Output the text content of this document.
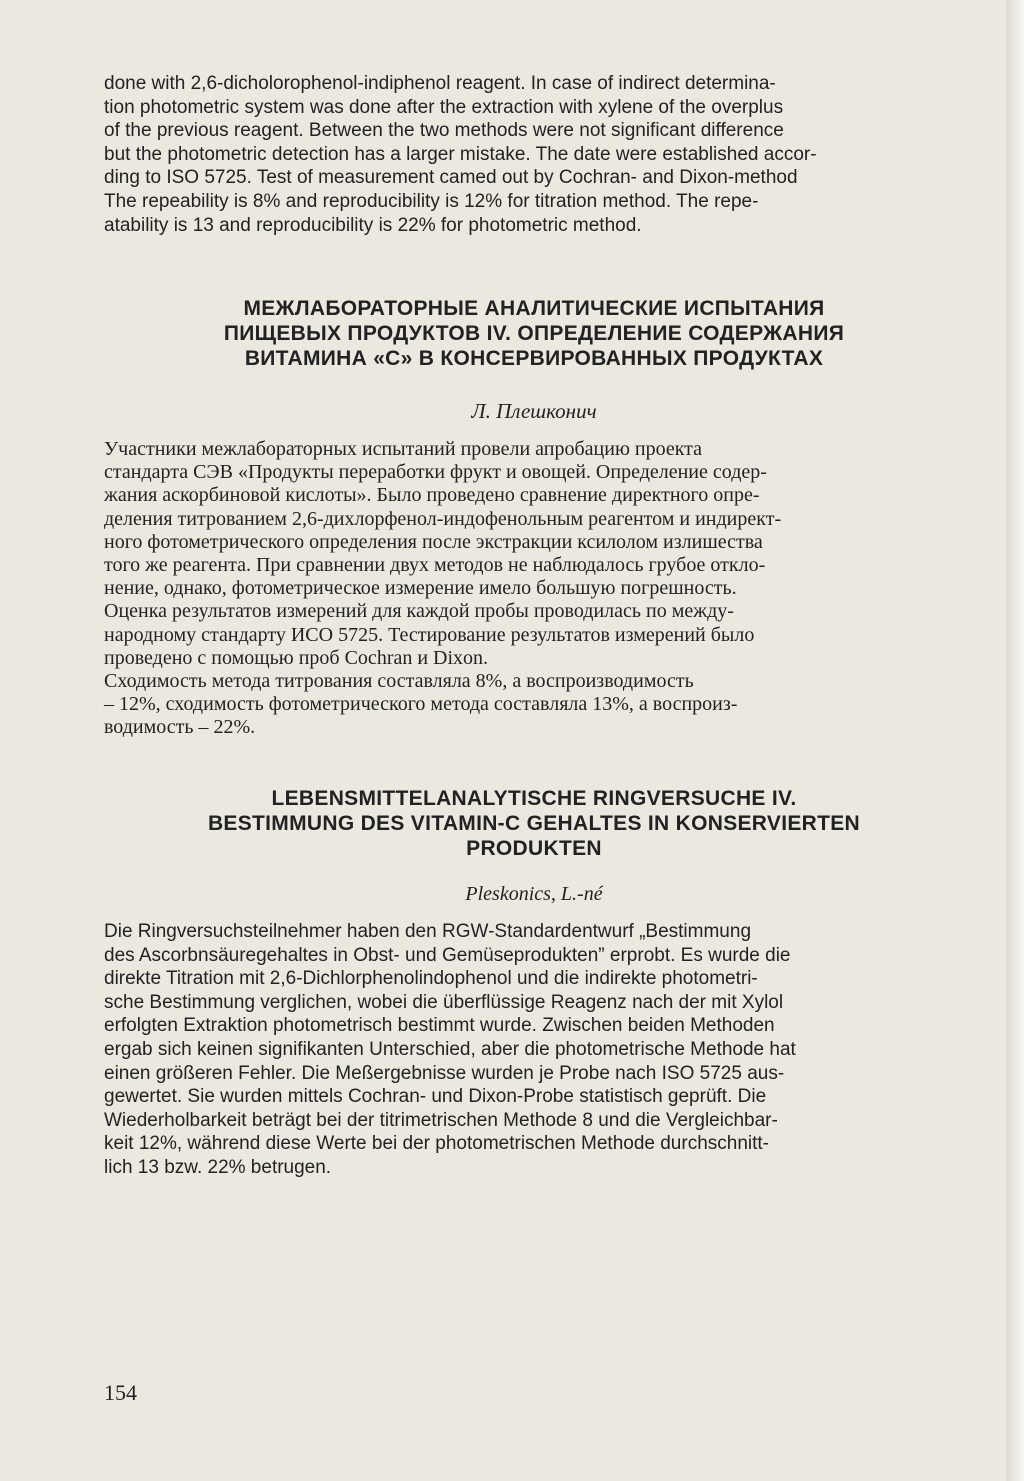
done with 2,6-dicholorophenol-indiphenol reagent. In case of indirect determina-
tion photometric system was done after the extraction with xylene of the overplus
of the previous reagent. Between the two methods were not significant difference
but the photometric detection has a larger mistake. The date were established accor-
ding to ISO 5725. Test of measurement camed out by Cochran- and Dixon-method
The repeability is 8% and reproducibility is 12% for titration method. The repe-
atability is 13 and reproducibility is 22% for photometric method.

МЕЖЛАБОРАТОРНЫЕ АНАЛИТИЧЕСКИЕ ИСПЫТАНИЯ
ПИЩЕВЫХ ПРОДУКТОВ IV. ОПРЕДЕЛЕНИЕ СОДЕРЖАНИЯ
ВИТАМИНА «С» В КОНСЕРВИРОВАННЫХ ПРОДУКТАХ

Л. Плешконич

Участники межлабораторных испытаний провели апробацию проекта
стандарта СЭВ «Продукты переработки фрукт и овощей. Определение содер-
жания аскорбиновой кислоты». Было проведено сравнение директного опре-
деления титрованием 2,6-дихлорфенол-индофенольным реагентом и индирект-
ного фотометрического определения после экстракции ксилолом излишества
того же реагента. При сравнении двух методов не наблюдалось грубое откло-
нение, однако, фотометрическое измерение имело большую погрешность.
Оценка результатов измерений для каждой пробы проводилась по между-
народному стандарту ИСО 5725. Тестирование результатов измерений было
проведено с помощью проб Cochran и Dixon.

Сходимость метода титрования составляла 8%, а воспроизводимость
– 12%, сходимость фотометрического метода составляла 13%, а воспроиз-
водимость – 22%.

LEBENSMITTELANALYTISCHE RINGVERSUCHE IV.
BESTIMMUNG DES VITAMIN-C GEHALTES IN KONSERVIERTEN
PRODUKTEN

Pleskonics, L.-né

Die Ringversuchsteilnehmer haben den RGW-Standardentwurf „Bestimmung
des Ascorbnsäuregehaltes in Obst- und Gemüseprodukten” erprobt. Es wurde die
direkte Titration mit 2,6-Dichlorphenolindophenol und die indirekte photometri-
sche Bestimmung verglichen, wobei die überflüssige Reagenz nach der mit Xylol
erfolgten Extraktion photometrisch bestimmt wurde. Zwischen beiden Methoden
ergab sich keinen signifikanten Unterschied, aber die photometrische Methode hat
einen größeren Fehler. Die Meßergebnisse wurden je Probe nach ISO 5725 aus-
gewertet. Sie wurden mittels Cochran- und Dixon-Probe statistisch geprüft. Die
Wiederholbarkeit beträgt bei der titrimetrischen Methode 8 und die Vergleichbar-
keit 12%, während diese Werte bei der photometrischen Methode durchschnitt-
lich 13 bzw. 22% betrugen.

154
